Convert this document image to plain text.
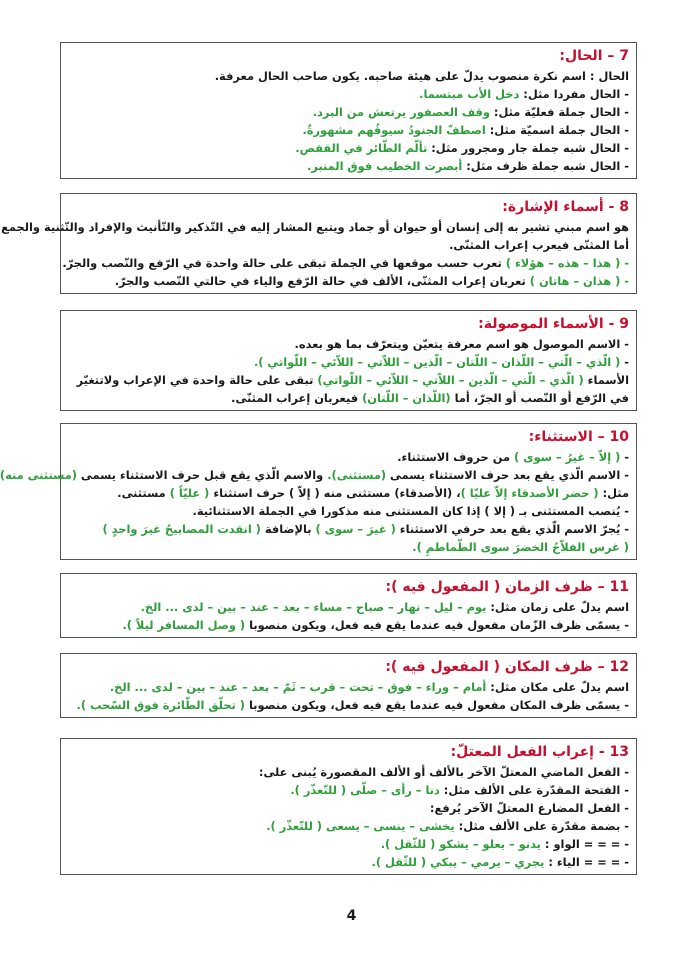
7 – الحال:
الحال : اسم نكرة منصوب يدلّ على هيئة صاحبه. يكون صاحب الحال معرفة.
- الحال مفردا مثل: دخل الأب مبتسما.
- الحال جملة فعليّة مثل: وقف العصفور يرتعش من البرد.
- الحال جملة اسميّة مثل: اصطفّ الجنودُ سيوفُهم مشهورةٌ.
- الحال شبه جملة جار ومجرور مثل: تألّم الطّائر في القفص.
- الحال شبه جملة ظرف مثل: أبصرت الخطيب فوق المنبر.
8 - أسماء الإشارة:
هو اسم مبني تشير به إلى إنسان أو حيوان أو جماد ويتبع المشار إليه في التّذكير والتّأنيث والإفراد والتّثنية والجمع
أما المثنّى فيعرب إعراب المثنّى.
- ( هذا – هذه – هؤلاء ) تعرب حسب موقعها في الجملة تبقى على حالة واحدة في الرّفع والنّصب والجرّ.
- ( هذان – هاتان ) تعربان إعراب المثنّى، الألف في حالة الرّفع والياء في حالتي النّصب والجرّ.
9 - الأسماء الموصولة:
- الاسم الموصول هو اسم معرفة يتعيّن ويتعرّف بما هو بعده.
- ( الّذي – الّتي – اللّذان – اللّتان – الّذين – اللاّتي – اللاّئي – اللّواتي ).
الأسماء ( الّذي – الّتي – الّذين – اللاّتي – اللاّئي – اللّواتي) تبقى على حالة واحدة في الإعراب ولاتتغيّر
في الرّفع أو النّصب أو الجرّ، أما (اللّذان – اللّتان) فيعربان إعراب المثنّى.
10 – الاستثناء:
- ( إلاّ – غيرُ – سوى ) من حروف الاستثناء.
- الاسم الّذي يقع بعد حرف الاستثناء يسمى (مستثنى). والاسم الّذي يقع قبل حرف الاستثناء يسمى (مستثنى منه)
مثل: ( حضر الأصدقاء إلاّ عليّا )، (الأصدقاء) مستثنى منه ( إلاّ ) حرف استثناء ( عليّاً ) مستثنى.
- يُنصب المستثنى بـ ( إلا ) إذا كان المستثنى منه مذكورا في الجملة الاستثنائية.
- يُجرّ الاسم الّذي يقع بعد حرفي الاستثناء ( غيرَ – سوى ) بالإضافة ( انقدت المصابيحُ غيرَ واحدٍ )
( غرس الفلاّحُ الخضرَ سوى الطّماطمِ ).
11 – ظرف الزمان ( المفعول فيه ):
اسم يدلّ على زمان مثل: يوم – ليل – نهار – صباح – مساء – بعد – عند – بين – لدى ... الخ.
- يسمّى ظرف الزّمان مفعول فيه عندما يقع فيه فعل، ويكون منصوبا ( وصل المسافر ليلاً ).
12 – ظرف المكان ( المفعول فيه ):
اسم يدلّ على مكان مثل: أمام – وراء – فوق – تحت – قرب – ثَمّ – بعد – عند – بين – لدى ... الخ.
- يسمّى ظرف المكان مفعول فيه عندما يقع فيه فعل، ويكون منصوبا ( تحلّق الطّائرة فوق السّحب ).
13 - إعراب الفعل المعتلّ:
- الفعل الماضي المعتلّ الآخر بالألف أو الألف المقصورة يُبنى على:
- الفتحة المقدّرة على الألف مثل: دنا – رأى – صلّى ( للتّعذّر ).
- الفعل المضارع المعتلّ الآخر يُرفع:
- بضمة مقدّرة على الألف مثل: يخشى – ينسى – يسعى ( للتّعذّر ).
- = = = الواو : يدنو – يعلو – يشكو ( للثّقل ).
- = = = الياء : يجري – يرمي – يبكي ( للثّقل ).
4
